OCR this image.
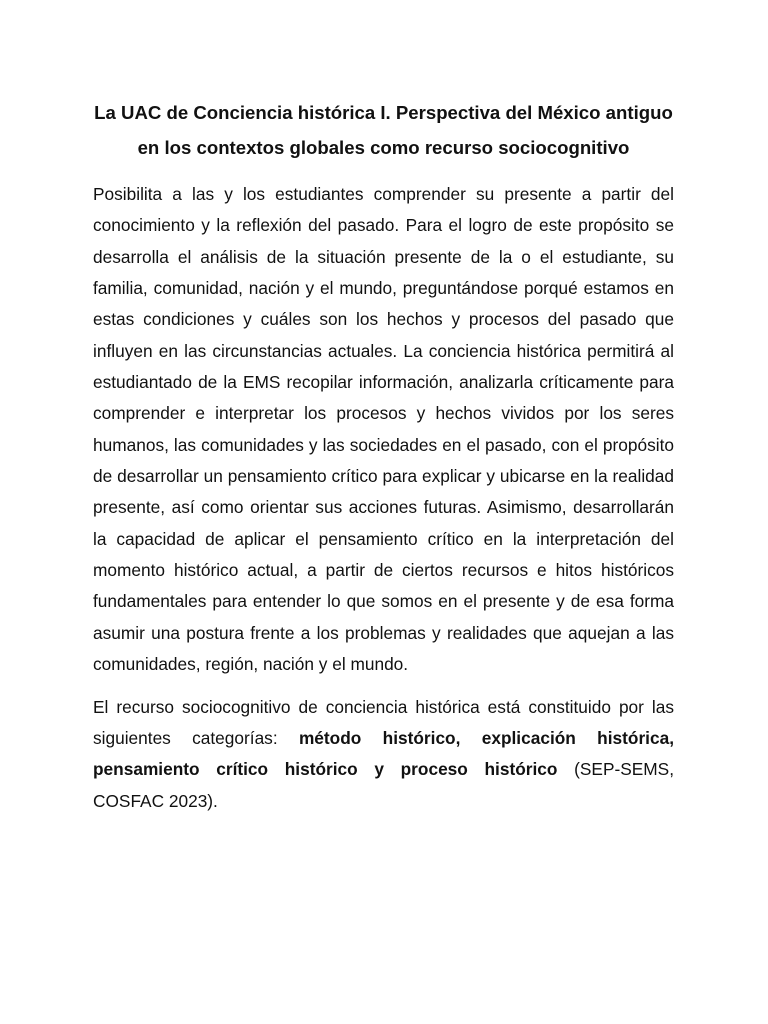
La UAC de Conciencia histórica I. Perspectiva del México antiguo en los contextos globales como recurso sociocognitivo

Posibilita a las y los estudiantes comprender su presente a partir del conocimiento y la reflexión del pasado. Para el logro de este propósito se desarrolla el análisis de la situación presente de la o el estudiante, su familia, comunidad, nación y el mundo, preguntándose porqué estamos en estas condiciones y cuáles son los hechos y procesos del pasado que influyen en las circunstancias actuales. La conciencia histórica permitirá al estudiantado de la EMS recopilar información, analizarla críticamente para comprender e interpretar los procesos y hechos vividos por los seres humanos, las comunidades y las sociedades en el pasado, con el propósito de desarrollar un pensamiento crítico para explicar y ubicarse en la realidad presente, así como orientar sus acciones futuras. Asimismo, desarrollarán la capacidad de aplicar el pensamiento crítico en la interpretación del momento histórico actual, a partir de ciertos recursos e hitos históricos fundamentales para entender lo que somos en el presente y de esa forma asumir una postura frente a los problemas y realidades que aquejan a las comunidades, región, nación y el mundo.

El recurso sociocognitivo de conciencia histórica está constituido por las siguientes categorías: método histórico, explicación histórica, pensamiento crítico histórico y proceso histórico (SEP-SEMS, COSFAC 2023).
